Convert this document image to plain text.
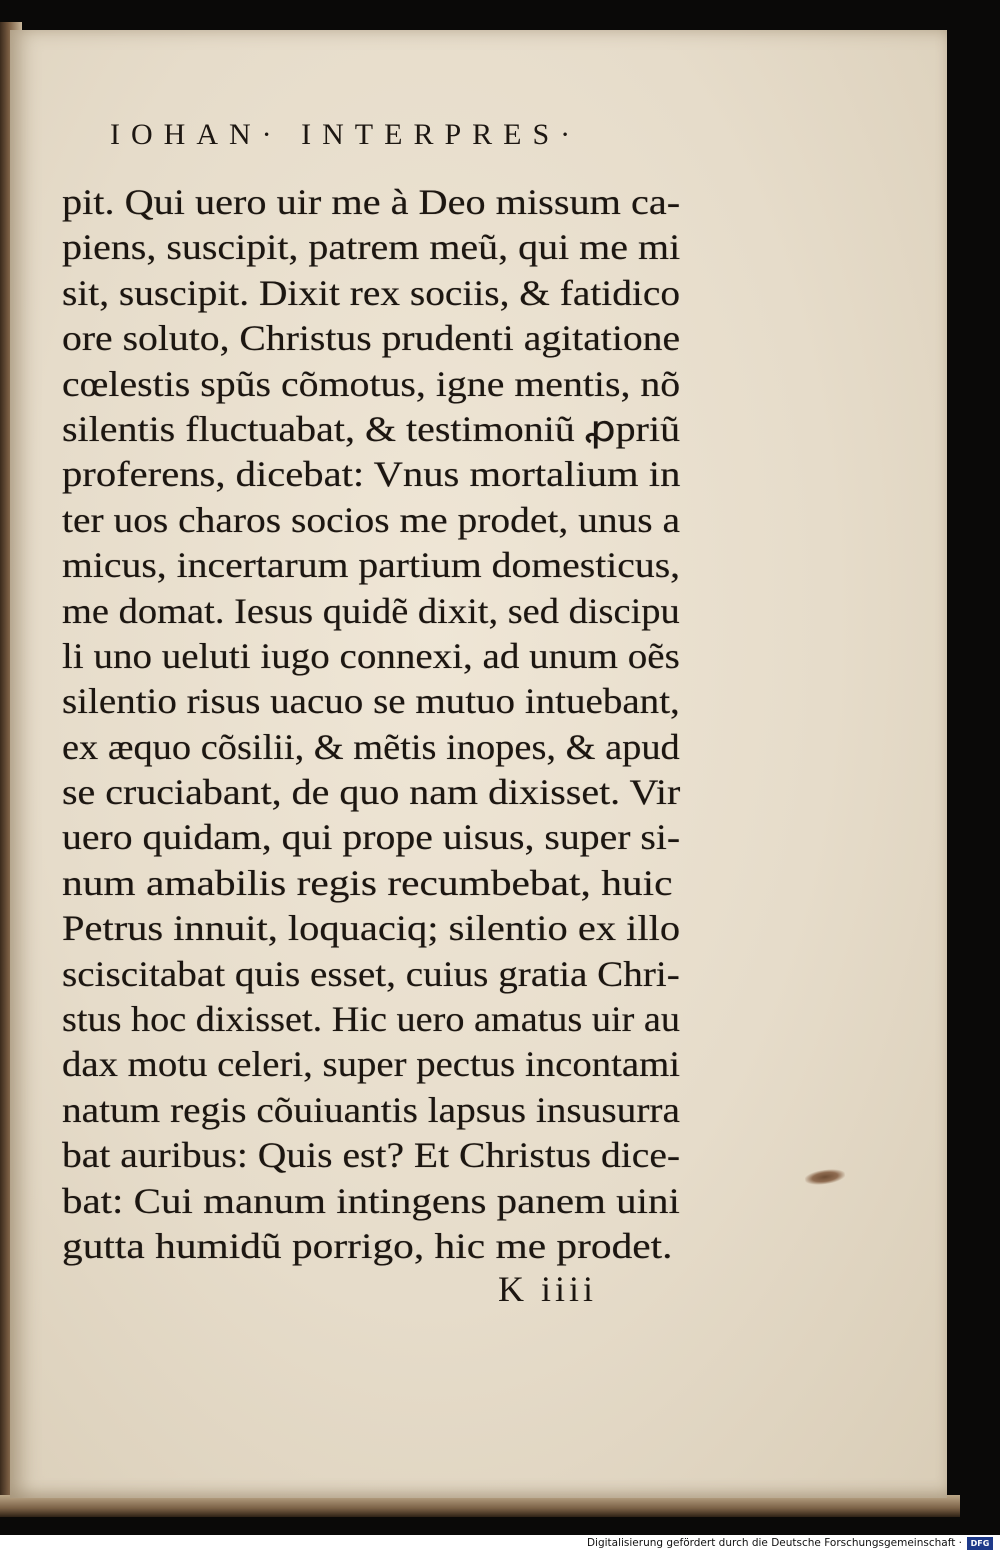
IOHAN· INTERPRES·
pit. Qui uero uir me à Deo missum ca-
piens, suscipit, patrem meũ, qui me mi
sit, suscipit. Dixit rex sociis, & fatidico
ore soluto, Christus prudenti agitatione
cœlestis spũs cõmotus, igne mentis, nõ
silentis fluctuabat, & testimoniũ ꝓpriũ
proferens, dicebat: Vnus mortalium in
ter uos charos socios me prodet, unus a
micus, incertarum partium domesticus,
me domat. Iesus quidẽ dixit, sed discipu
li uno ueluti iugo connexi, ad unum oẽs
silentio risus uacuo se mutuo intuebant,
ex æquo cõsilii, & mẽtis inopes, & apud
se cruciabant, de quo nam dixisset. Vir
uero quidam, qui prope uisus, super si-
num amabilis regis recumbebat, huic
Petrus innuit, loquaciq; silentio ex illo
sciscitabat quis esset, cuius gratia Chri-
stus hoc dixisset. Hic uero amatus uir au
dax motu celeri, super pectus incontami
natum regis cõuiuantis lapsus insusurra
bat auribus: Quis est? Et Christus dice-
bat: Cui manum intingens panem uini
gutta humidũ porrigo, hic me prodet.
K iiii
Digitalisierung gefördert durch die Deutsche Forschungsgemeinschaft ·	DFG
